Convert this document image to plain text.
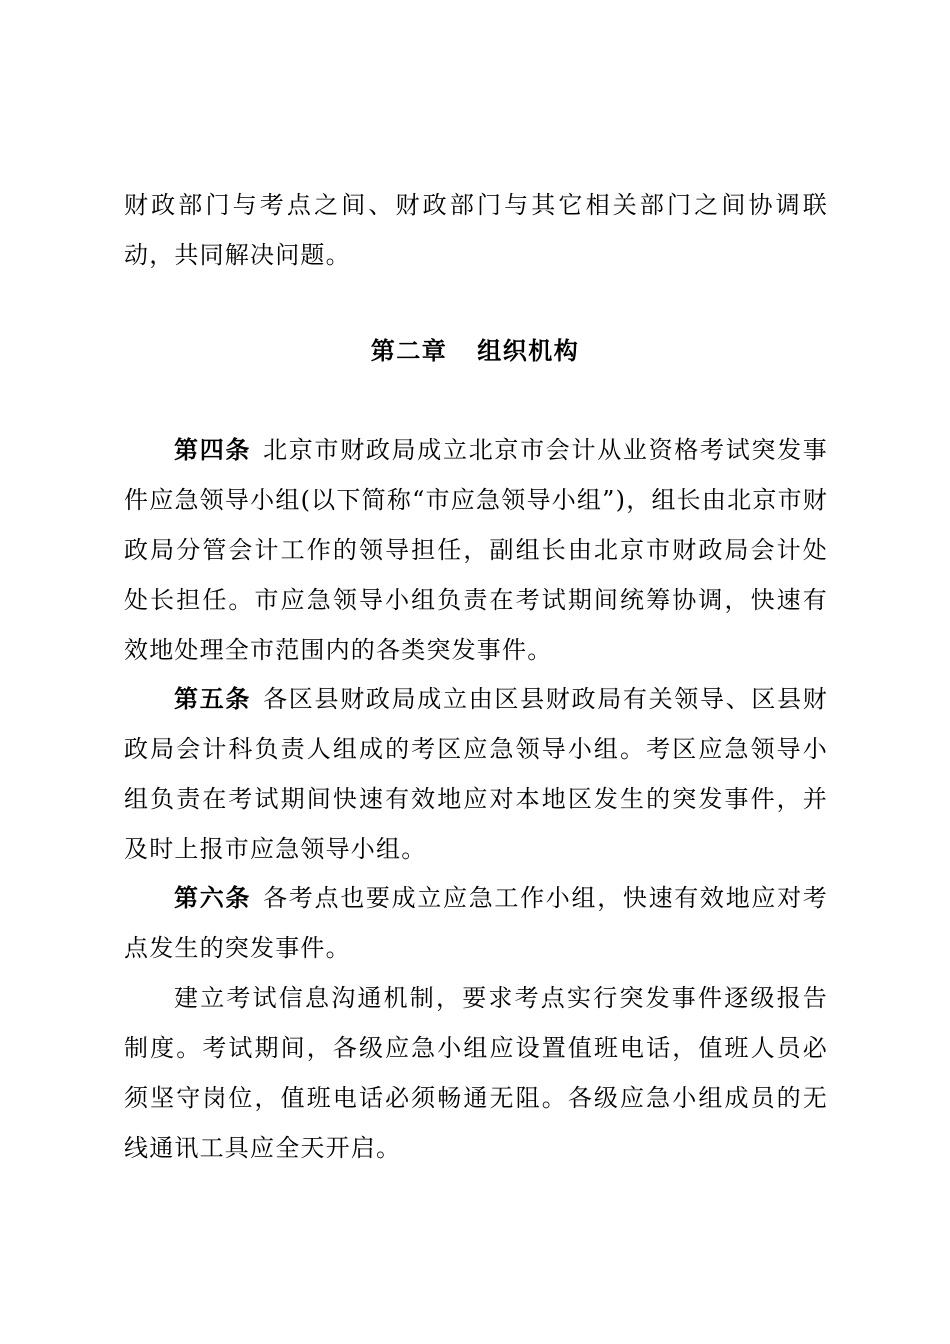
财政部门与考点之间、财政部门与其它相关部门之间协调联动，共同解决问题。

第二章 组织机构

第四条 北京市财政局成立北京市会计从业资格考试突发事件应急领导小组(以下简称“市应急领导小组”)，组长由北京市财政局分管会计工作的领导担任，副组长由北京市财政局会计处处长担任。市应急领导小组负责在考试期间统筹协调，快速有效地处理全市范围内的各类突发事件。

第五条 各区县财政局成立由区县财政局有关领导、区县财政局会计科负责人组成的考区应急领导小组。考区应急领导小组负责在考试期间快速有效地应对本地区发生的突发事件，并及时上报市应急领导小组。

第六条 各考点也要成立应急工作小组，快速有效地应对考点发生的突发事件。

建立考试信息沟通机制，要求考点实行突发事件逐级报告制度。考试期间，各级应急小组应设置值班电话，值班人员必须坚守岗位，值班电话必须畅通无阻。各级应急小组成员的无线通讯工具应全天开启。
